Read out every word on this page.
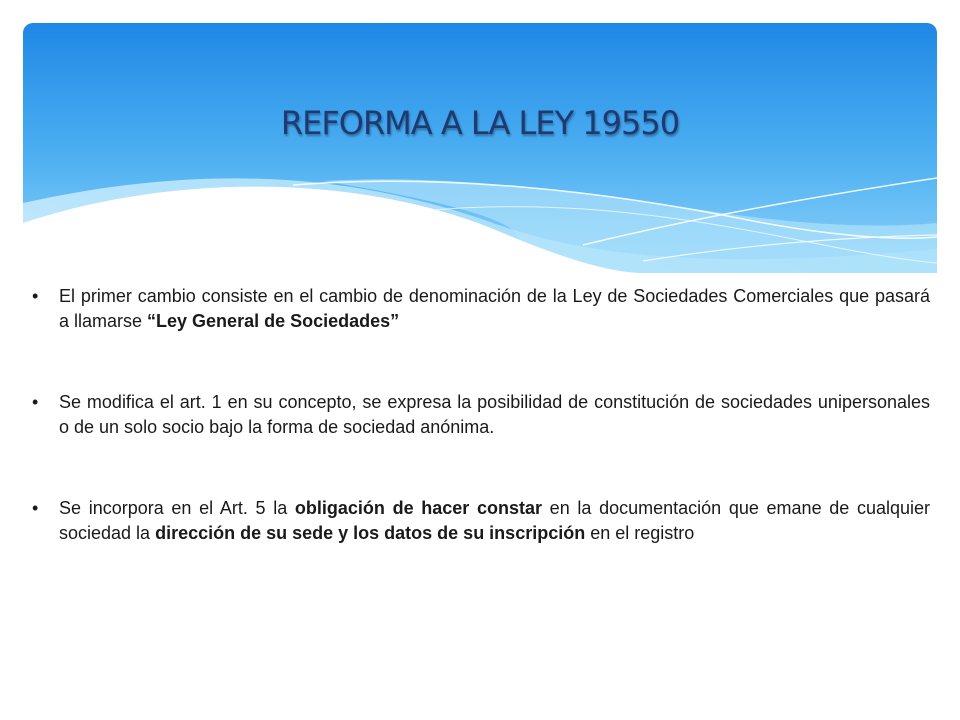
REFORMA A LA LEY 19550
• El primer cambio consiste en el cambio de denominación de la Ley de Sociedades Comerciales que pasará a llamarse “Ley General de Sociedades”
• Se modifica el art. 1 en su concepto, se expresa la posibilidad de constitución de sociedades unipersonales o de un solo socio bajo la forma de sociedad anónima.
• Se incorpora en el Art. 5 la obligación de hacer constar en la documentación que emane de cualquier sociedad la dirección de su sede y los datos de su inscripción en el registro
